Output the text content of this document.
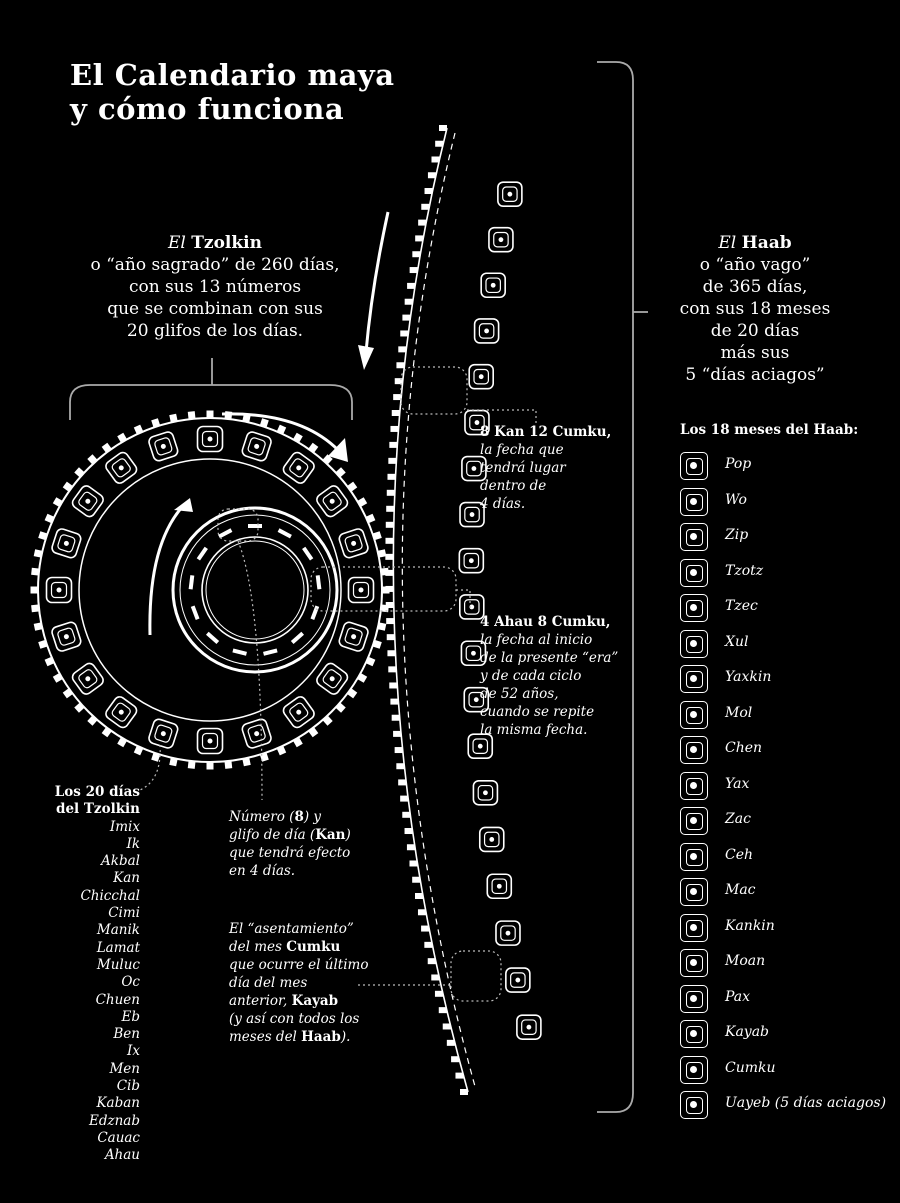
El Calendario maya
y cómo funciona
El Tzolkin
o “año sagrado” de 260 días,
con sus 13 números
que se combinan con sus
20 glifos de los días.
El Haab
o “año vago”
de 365 días,
con sus 18 meses
de 20 días
más sus
5 “días aciagos”
8 Kan 12 Cumku,
la fecha que
tendrá lugar
dentro de
4 días.
4 Ahau 8 Cumku,
la fecha al inicio
de la presente “era”
y de cada ciclo
de 52 años,
cuando se repite
la misma fecha.
Número (8) y
glifo de día (Kan)
que tendrá efecto
en 4 días.
El “asentamiento”
del mes Cumku
que ocurre el último
día del mes
anterior, Kayab
(y así con todos los
meses del Haab).
Los 20 días
del Tzolkin
Imix
Ik
Akbal
Kan
Chicchal
Cimi
Manik
Lamat
Muluc
Oc
Chuen
Eb
Ben
Ix
Men
Cib
Kaban
Edznab
Cauac
Ahau
Los 18 meses del Haab:
Pop
Wo
Zip
Tzotz
Tzec
Xul
Yaxkin
Mol
Chen
Yax
Zac
Ceh
Mac
Kankin
Moan
Pax
Kayab
Cumku
Uayeb (5 días aciagos)
